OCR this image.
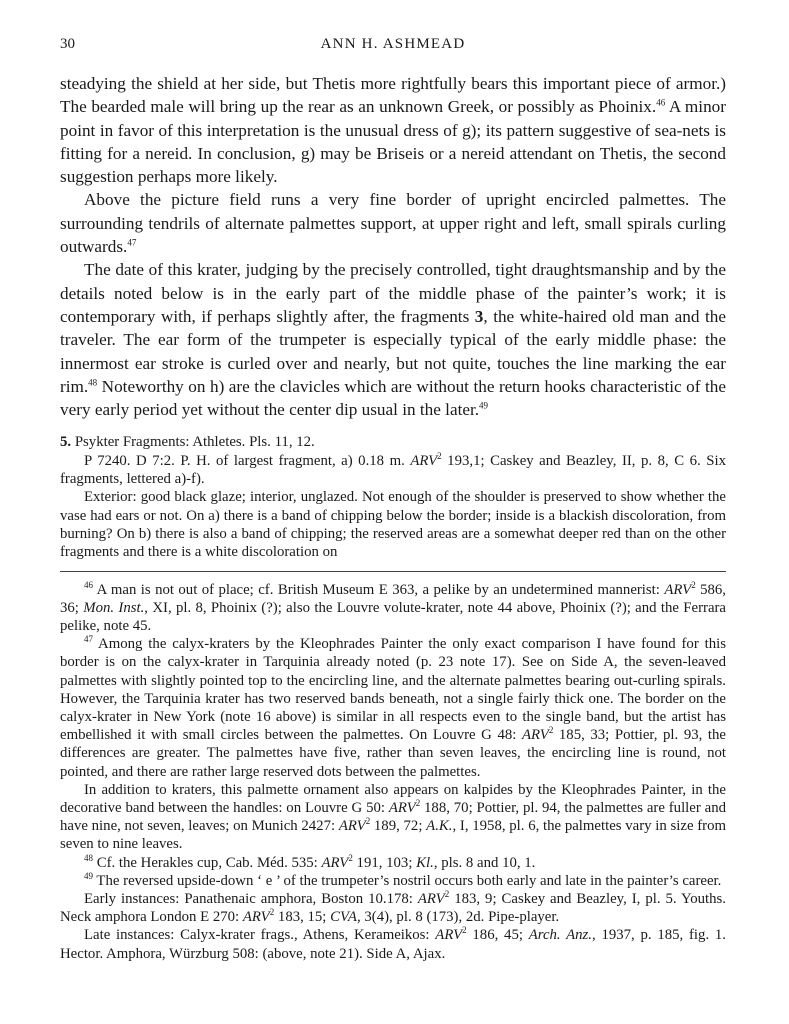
30	ANN H. ASHMEAD

steadying the shield at her side, but Thetis more rightfully bears this important piece of armor.) The bearded male will bring up the rear as an unknown Greek, or possibly as Phoinix.$^{46}$ A minor point in favor of this interpretation is the unusual dress of g); its pattern suggestive of sea-nets is fitting for a nereid. In conclusion, g) may be Briseis or a nereid attendant on Thetis, the second suggestion perhaps more likely.

Above the picture field runs a very fine border of upright encircled palmettes. The surrounding tendrils of alternate palmettes support, at upper right and left, small spirals curling outwards.$^{47}$

The date of this krater, judging by the precisely controlled, tight draughtsmanship and by the details noted below is in the early part of the middle phase of the painter’s work; it is contemporary with, if perhaps slightly after, the fragments 3, the white-haired old man and the traveler. The ear form of the trumpeter is especially typical of the early middle phase: the innermost ear stroke is curled over and nearly, but not quite, touches the line marking the ear rim.$^{48}$ Noteworthy on h) are the clavicles which are without the return hooks characteristic of the very early period yet without the center dip usual in the later.$^{49}$

5. Psykter Fragments: Athletes. Pls. 11, 12.

P 7240. D 7:2. P. H. of largest fragment, a) 0.18 m. ARV$^2$ 193,1; Caskey and Beazley, II, p. 8, C 6. Six fragments, lettered a)-f).

Exterior: good black glaze; interior, unglazed. Not enough of the shoulder is preserved to show whether the vase had ears or not. On a) there is a band of chipping below the border; inside is a blackish discoloration, from burning? On b) there is also a band of chipping; the reserved areas are a somewhat deeper red than on the other fragments and there is a white discoloration on

$^{46}$ A man is not out of place; cf. British Museum E 363, a pelike by an undetermined mannerist: ARV$^2$ 586, 36; Mon. Inst., XI, pl. 8, Phoinix (?); also the Louvre volute-krater, note 44 above, Phoinix (?); and the Ferrara pelike, note 45.

$^{47}$ Among the calyx-kraters by the Kleophrades Painter the only exact comparison I have found for this border is on the calyx-krater in Tarquinia already noted (p. 23 note 17). See on Side A, the seven-leaved palmettes with slightly pointed top to the encircling line, and the alternate palmettes bearing out-curling spirals. However, the Tarquinia krater has two reserved bands beneath, not a single fairly thick one. The border on the calyx-krater in New York (note 16 above) is similar in all respects even to the single band, but the artist has embellished it with small circles between the palmettes. On Louvre G 48: ARV$^2$ 185, 33; Pottier, pl. 93, the differences are greater. The palmettes have five, rather than seven leaves, the encircling line is round, not pointed, and there are rather large reserved dots between the palmettes.

In addition to kraters, this palmette ornament also appears on kalpides by the Kleophrades Painter, in the decorative band between the handles: on Louvre G 50: ARV$^2$ 188, 70; Pottier, pl. 94, the palmettes are fuller and have nine, not seven, leaves; on Munich 2427: ARV$^2$ 189, 72; A.K., I, 1958, pl. 6, the palmettes vary in size from seven to nine leaves.

$^{48}$ Cf. the Herakles cup, Cab. Méd. 535: ARV$^2$ 191, 103; Kl., pls. 8 and 10, 1.

$^{49}$ The reversed upside-down ‘ e ’ of the trumpeter’s nostril occurs both early and late in the painter’s career.

Early instances: Panathenaic amphora, Boston 10.178: ARV$^2$ 183, 9; Caskey and Beazley, I, pl. 5. Youths. Neck amphora London E 270: ARV$^2$ 183, 15; CVA, 3(4), pl. 8 (173), 2d. Pipe-player.

Late instances: Calyx-krater frags., Athens, Kerameikos: ARV$^2$ 186, 45; Arch. Anz., 1937, p. 185, fig. 1. Hector. Amphora, Würzburg 508: (above, note 21). Side A, Ajax.
